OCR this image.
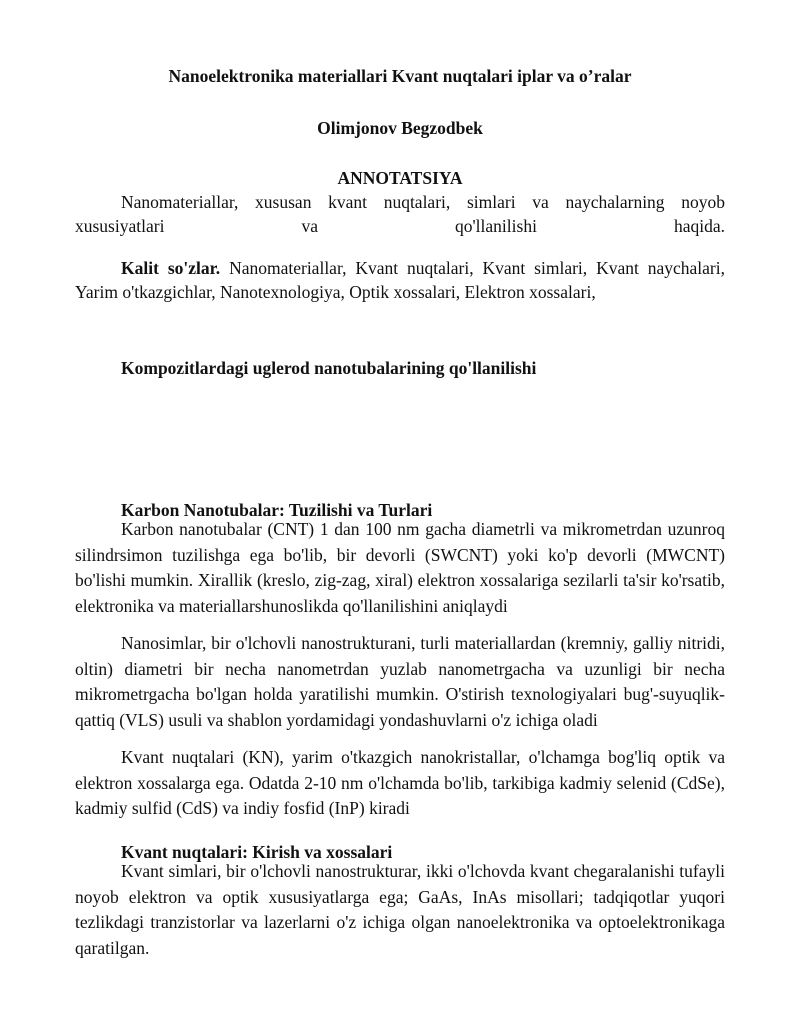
Nanoelektronika materiallari Kvant nuqtalari iplar va o’ralar
Olimjonov Begzodbek
ANNOTATSIYA

Nanomateriallar, xususan kvant nuqtalari, simlari va naychalarning noyob xususiyatlari va qo'llanilishi haqida.

Kalit so'zlar. Nanomateriallar, Kvant nuqtalari, Kvant simlari, Kvant naychalari, Yarim o'tkazgichlar, Nanotexnologiya, Optik xossalari, Elektron xossalari,

Kompozitlardagi uglerod nanotubalarining qo'llanilishi
Karbon Nanotubalar: Tuzilishi va Turlari

Karbon nanotubalar (CNT) 1 dan 100 nm gacha diametrli va mikrometrdan uzunroq silindrsimon tuzilishga ega bo'lib, bir devorli (SWCNT) yoki ko'p devorli (MWCNT) bo'lishi mumkin. Xirallik (kreslo, zig-zag, xiral) elektron xossalariga sezilarli ta'sir ko'rsatib, elektronika va materiallarshunoslikda qo'llanilishini aniqlaydi

Nanosimlar, bir o'lchovli nanostrukturani, turli materiallardan (kremniy, galliy nitridi, oltin) diametri bir necha nanometrdan yuzlab nanometrgacha va uzunligi bir necha mikrometrgacha bo'lgan holda yaratilishi mumkin. O'stirish texnologiyalari bug'-suyuqlik-qattiq (VLS) usuli va shablon yordamidagi yondashuvlarni o'z ichiga oladi

Kvant nuqtalari (KN), yarim o'tkazgich nanokristallar, o'lchamga bog'liq optik va elektron xossalarga ega. Odatda 2-10 nm o'lchamda bo'lib, tarkibiga kadmiy selenid (CdSe), kadmiy sulfid (CdS) va indiy fosfid (InP) kiradi

Kvant nuqtalari: Kirish va xossalari

Kvant simlari, bir o'lchovli nanostrukturar, ikki o'lchovda kvant chegaralanishi tufayli noyob elektron va optik xususiyatlarga ega; GaAs, InAs misollari; tadqiqotlar yuqori tezlikdagi tranzistorlar va lazerlarni o'z ichiga olgan nanoelektronika va optoelektronikaga qaratilgan.
